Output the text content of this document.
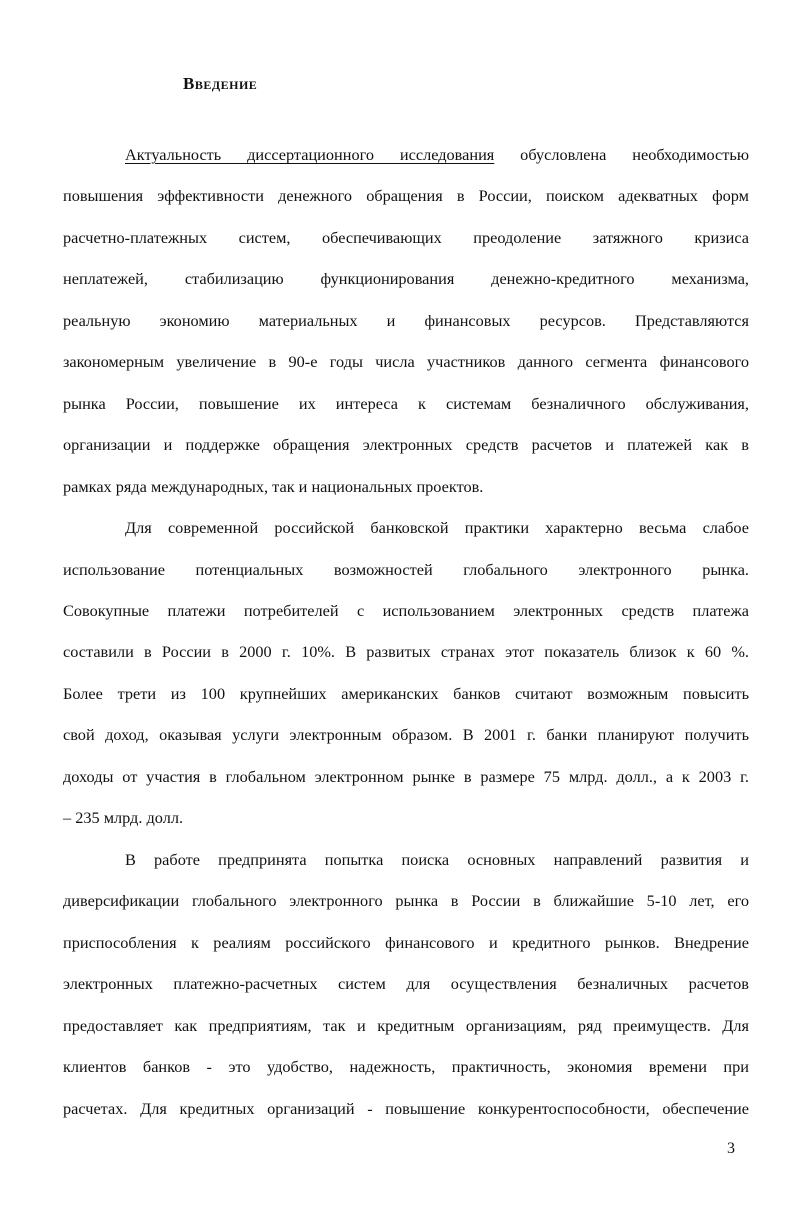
Введение
Актуальность диссертационного исследования обусловлена необходимостью
повышения эффективности денежного обращения в России, поиском адекватных форм
расчетно-платежных систем, обеспечивающих преодоление затяжного кризиса
неплатежей, стабилизацию функционирования денежно-кредитного механизма,
реальную экономию материальных и финансовых ресурсов. Представляются
закономерным увеличение в 90-е годы числа участников данного сегмента финансового
рынка России, повышение их интереса к системам безналичного обслуживания,
организации и поддержке обращения электронных средств расчетов и платежей как в
рамках ряда международных, так и национальных проектов.
Для современной российской банковской практики характерно весьма слабое
использование потенциальных возможностей глобального электронного рынка.
Совокупные платежи потребителей с использованием электронных средств платежа
составили в России в 2000 г. 10%. В развитых странах этот показатель близок к 60 %.
Более трети из 100 крупнейших американских банков считают возможным повысить
свой доход, оказывая услуги электронным образом. В 2001 г. банки планируют получить
доходы от участия в глобальном электронном рынке в размере 75 млрд. долл., а к 2003 г.
– 235 млрд. долл.
В работе предпринята попытка поиска основных направлений развития и
диверсификации глобального электронного рынка в России в ближайшие 5-10 лет, его
приспособления к реалиям российского финансового и кредитного рынков. Внедрение
электронных платежно-расчетных систем для осуществления безналичных расчетов
предоставляет как предприятиям, так и кредитным организациям, ряд преимуществ. Для
клиентов банков - это удобство, надежность, практичность, экономия времени при
расчетах. Для кредитных организаций - повышение конкурентоспособности, обеспечение
3
